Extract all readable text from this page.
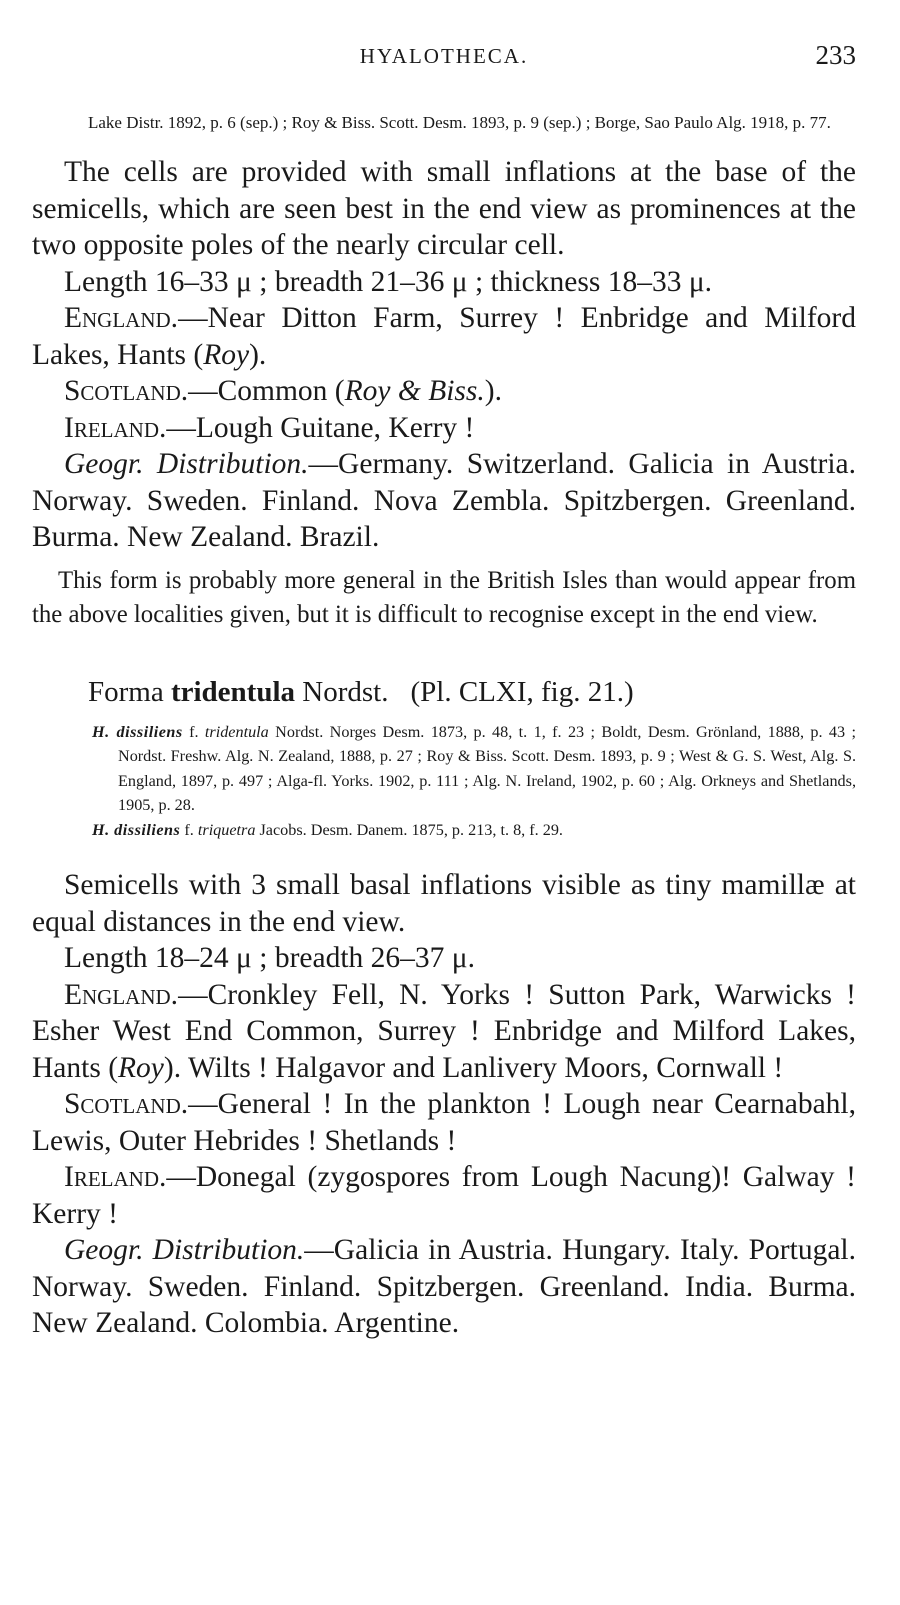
HYALOTHECA.	233

Lake Distr. 1892, p. 6 (sep.) ; Roy & Biss. Scott. Desm. 1893, p. 9 (sep.) ; Borge, Sao Paulo Alg. 1918, p. 77.

The cells are provided with small inflations at the base of the semicells, which are seen best in the end view as prominences at the two opposite poles of the nearly circular cell.

Length 16–33 μ ; breadth 21–36 μ ; thickness 18–33 μ.

England.—Near Ditton Farm, Surrey ! Enbridge and Milford Lakes, Hants (Roy).

Scotland.—Common (Roy & Biss.).

Ireland.—Lough Guitane, Kerry !

Geogr. Distribution.—Germany. Switzerland. Galicia in Austria. Norway. Sweden. Finland. Nova Zembla. Spitzbergen. Greenland. Burma. New Zealand. Brazil.

This form is probably more general in the British Isles than would appear from the above localities given, but it is difficult to recognise except in the end view.

Forma tridentula Nordst. (Pl. CLXI, fig. 21.)

H. dissiliens f. tridentula Nordst. Norges Desm. 1873, p. 48, t. 1, f. 23 ; Boldt, Desm. Grönland, 1888, p. 43 ; Nordst. Freshw. Alg. N. Zealand, 1888, p. 27 ; Roy & Biss. Scott. Desm. 1893, p. 9 ; West & G. S. West, Alg. S. England, 1897, p. 497 ; Alga-fl. Yorks. 1902, p. 111 ; Alg. N. Ireland, 1902, p. 60 ; Alg. Orkneys and Shetlands, 1905, p. 28.

H. dissiliens f. triquetra Jacobs. Desm. Danem. 1875, p. 213, t. 8, f. 29.

Semicells with 3 small basal inflations visible as tiny mamillæ at equal distances in the end view.

Length 18–24 μ ; breadth 26–37 μ.

England.—Cronkley Fell, N. Yorks ! Sutton Park, Warwicks ! Esher West End Common, Surrey ! Enbridge and Milford Lakes, Hants (Roy). Wilts ! Halgavor and Lanlivery Moors, Cornwall !

Scotland.—General ! In the plankton ! Lough near Cearnabahl, Lewis, Outer Hebrides ! Shetlands !

Ireland.—Donegal (zygospores from Lough Nacung)! Galway ! Kerry !

Geogr. Distribution.—Galicia in Austria. Hungary. Italy. Portugal. Norway. Sweden. Finland. Spitzbergen. Greenland. India. Burma. New Zealand. Colombia. Argentine.
